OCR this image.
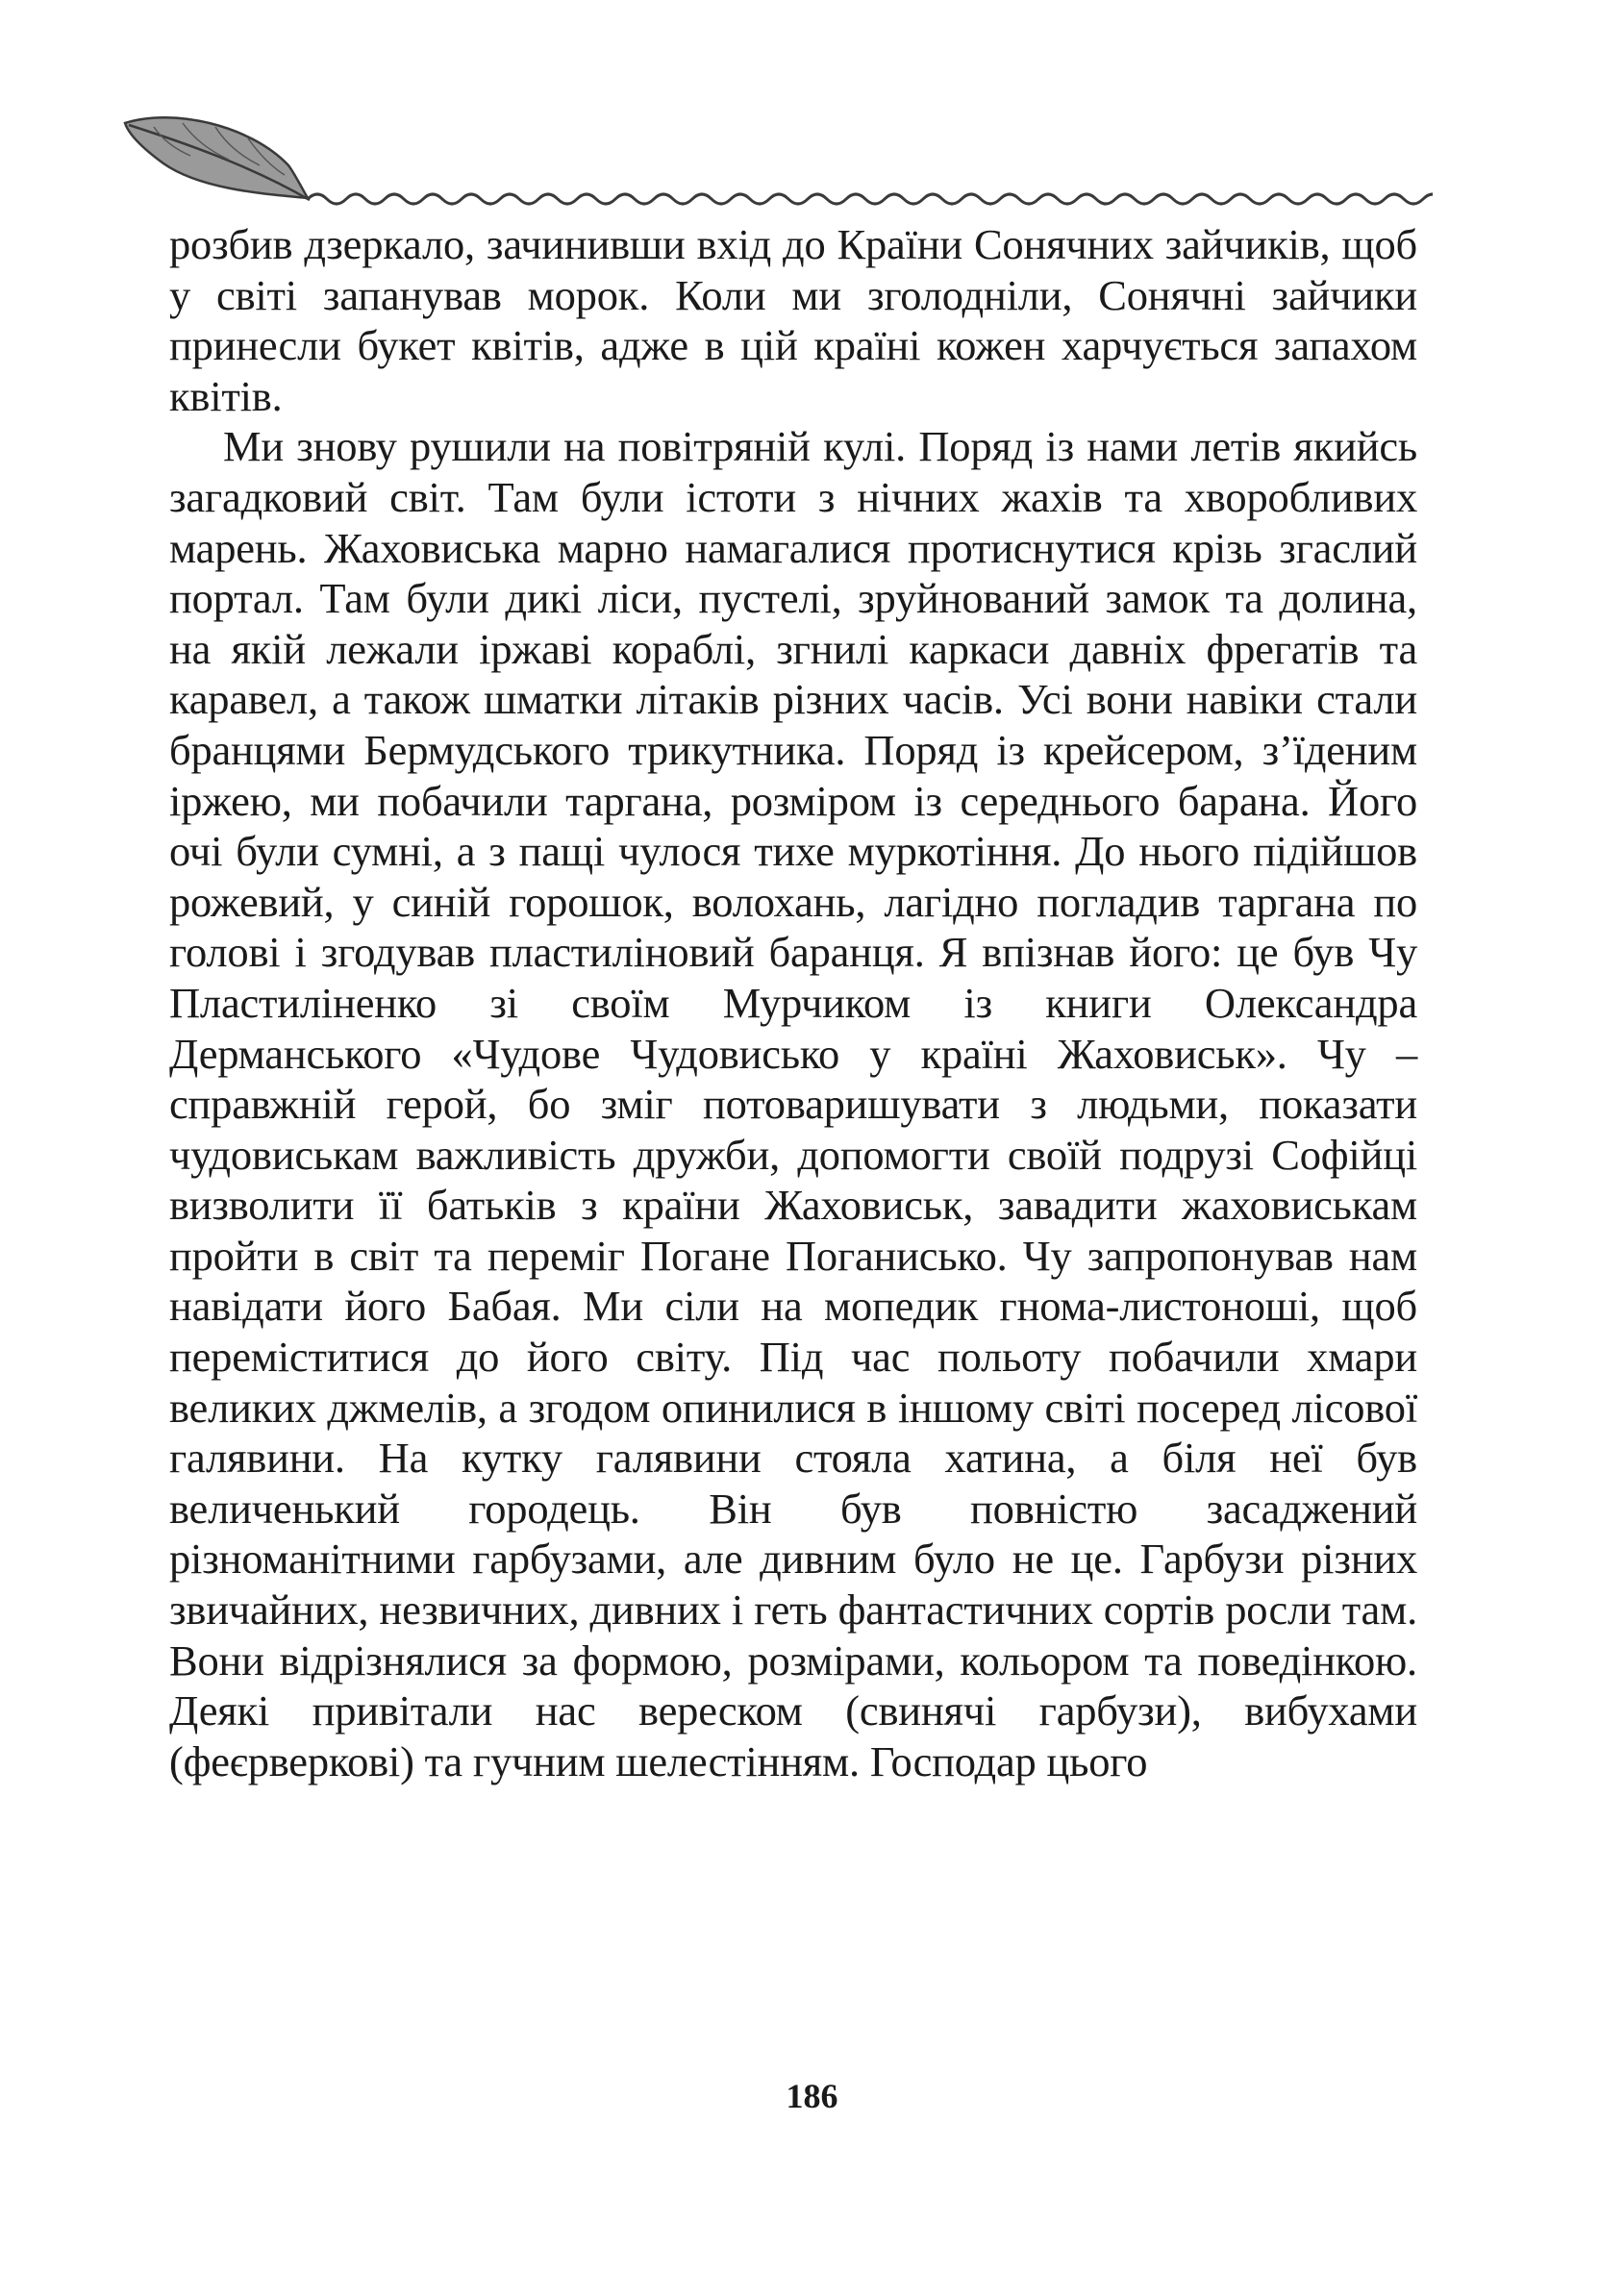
розбив дзеркало, зачинивши вхід до Країни Сонячних зайчиків, щоб у світі запанував морок. Коли ми зголодніли, Сонячні зайчики принесли букет квітів, адже в цій країні кожен харчується запахом квітів.

Ми знову рушили на повітряній кулі. Поряд із нами летів якийсь загадковий світ. Там були істоти з нічних жахів та хворобливих марень. Жаховиська марно намагалися протиснутися крізь згаслий портал. Там були дикі ліси, пустелі, зруйнований замок та долина, на якій лежали іржаві кораблі, згнилі каркаси давніх фрегатів та каравел, а також шматки літаків різних часів. Усі вони навіки стали бранцями Бермудського трикутника. Поряд із крейсером, з’їденим іржею, ми побачили таргана, розміром із середнього барана. Його очі були сумні, а з пащі чулося тихе муркотіння. До нього підійшов рожевий, у синій горошок, волохань, лагідно погладив таргана по голові і згодував пластиліновий баранця. Я впізнав його: це був Чу Пластиліненко зі своїм Мурчиком із книги Олександра Дерманського «Чудове Чудовисько у країні Жаховиськ». Чу – справжній герой, бо зміг потоваришувати з людьми, показати чудовиськам важливість дружби, допомогти своїй подрузі Софійці визволити її батьків з країни Жаховиськ, завадити жаховиськам пройти в світ та переміг Погане Поганисько. Чу запропонував нам навідати його Бабая. Ми сіли на мопедик гнома-листоноші, щоб переміститися до його світу. Під час польоту побачили хмари великих джмелів, а згодом опинилися в іншому світі посеред лісової галявини. На кутку галявини стояла хатина, а біля неї був величенький городець. Він був повністю засаджений різноманітними гарбузами, але дивним було не це. Гарбузи різних звичайних, незвичних, дивних і геть фантастичних сортів росли там. Вони відрізнялися за формою, розмірами, кольором та поведінкою. Деякі привітали нас вереском (свинячі гарбузи), вибухами (феєрверкові) та гучним шелестінням. Господар цього

186
